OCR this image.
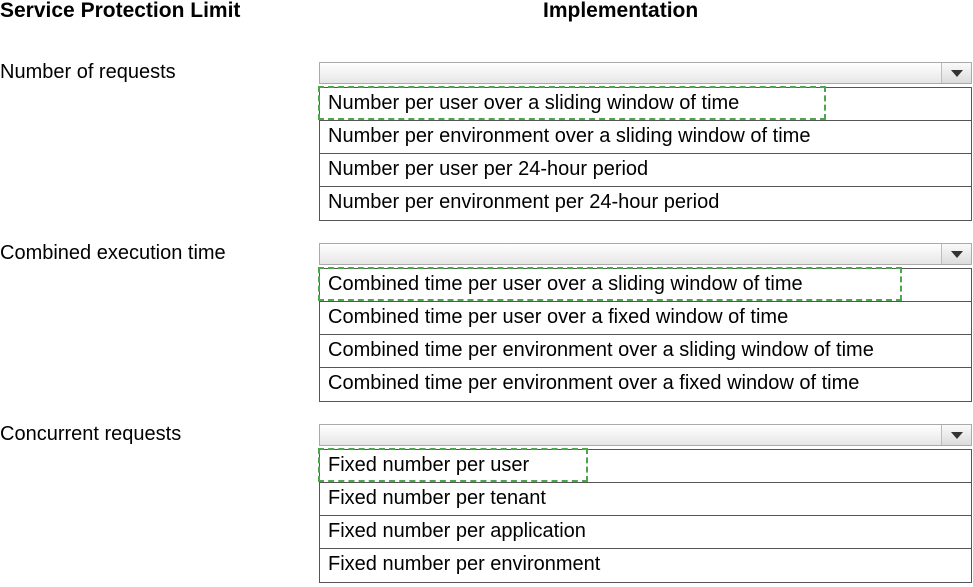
Service Protection Limit	Implementation
Number of requests
Number per user over a sliding window of time
Number per environment over a sliding window of time
Number per user per 24-hour period
Number per environment per 24-hour period
Combined execution time
Combined time per user over a sliding window of time
Combined time per user over a fixed window of time
Combined time per environment over a sliding window of time
Combined time per environment over a fixed window of time
Concurrent requests
Fixed number per user
Fixed number per tenant
Fixed number per application
Fixed number per environment
